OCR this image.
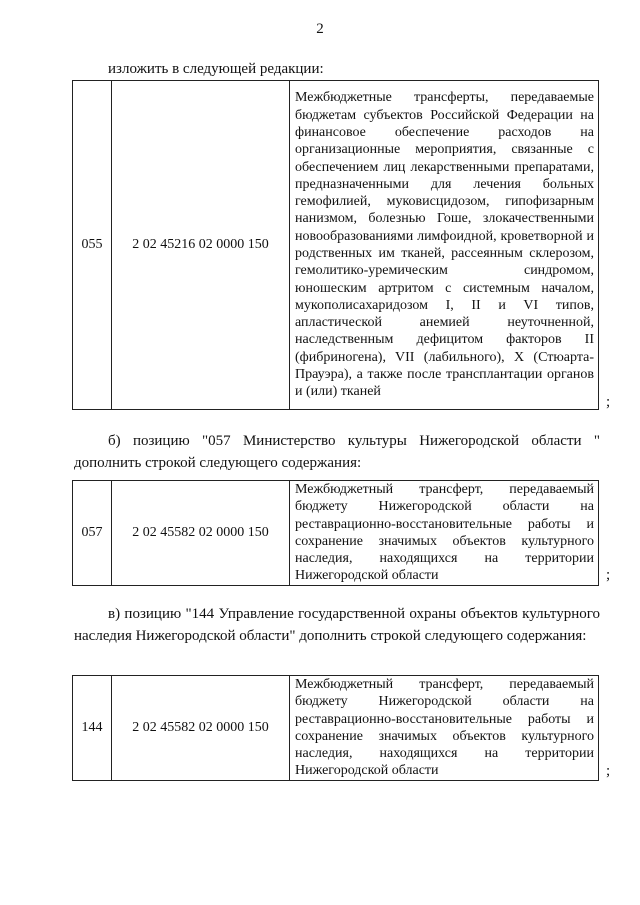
2
изложить в следующей редакции:
055	2 02 45216 02 0000 150	Межбюджетные трансферты, передаваемые бюджетам субъектов Российской Федерации на финансовое обеспечение расходов на организационные мероприятия, связанные с обеспечением лиц лекарственными препаратами, предназначенными для лечения больных гемофилией, муковисцидозом, гипофизарным нанизмом, болезнью Гоше, злокачественными новообразованиями лимфоидной, кроветворной и родственных им тканей, рассеянным склерозом, гемолитико-уремическим синдромом, юношеским артритом с системным началом, мукополисахаридозом I, II и VI типов, апластической анемией неуточненной, наследственным дефицитом факторов II (фибриногена), VII (лабильного), X (Стюарта-Прауэра), а также после трансплантации органов и (или) тканей
;
б) позицию "057 Министерство культуры Нижегородской области " дополнить строкой следующего содержания:
057	2 02 45582 02 0000 150	Межбюджетный трансферт, передаваемый бюджету Нижегородской области на реставрационно-восстановительные работы и сохранение значимых объектов культурного наследия, находящихся на территории Нижегородской области	;
в) позицию "144 Управление государственной охраны объектов культурного наследия Нижегородской области" дополнить строкой следующего содержания:
144	2 02 45582 02 0000 150	Межбюджетный трансферт, передаваемый бюджету Нижегородской области на реставрационно-восстановительные работы и сохранение значимых объектов культурного наследия, находящихся на территории Нижегородской области	;
